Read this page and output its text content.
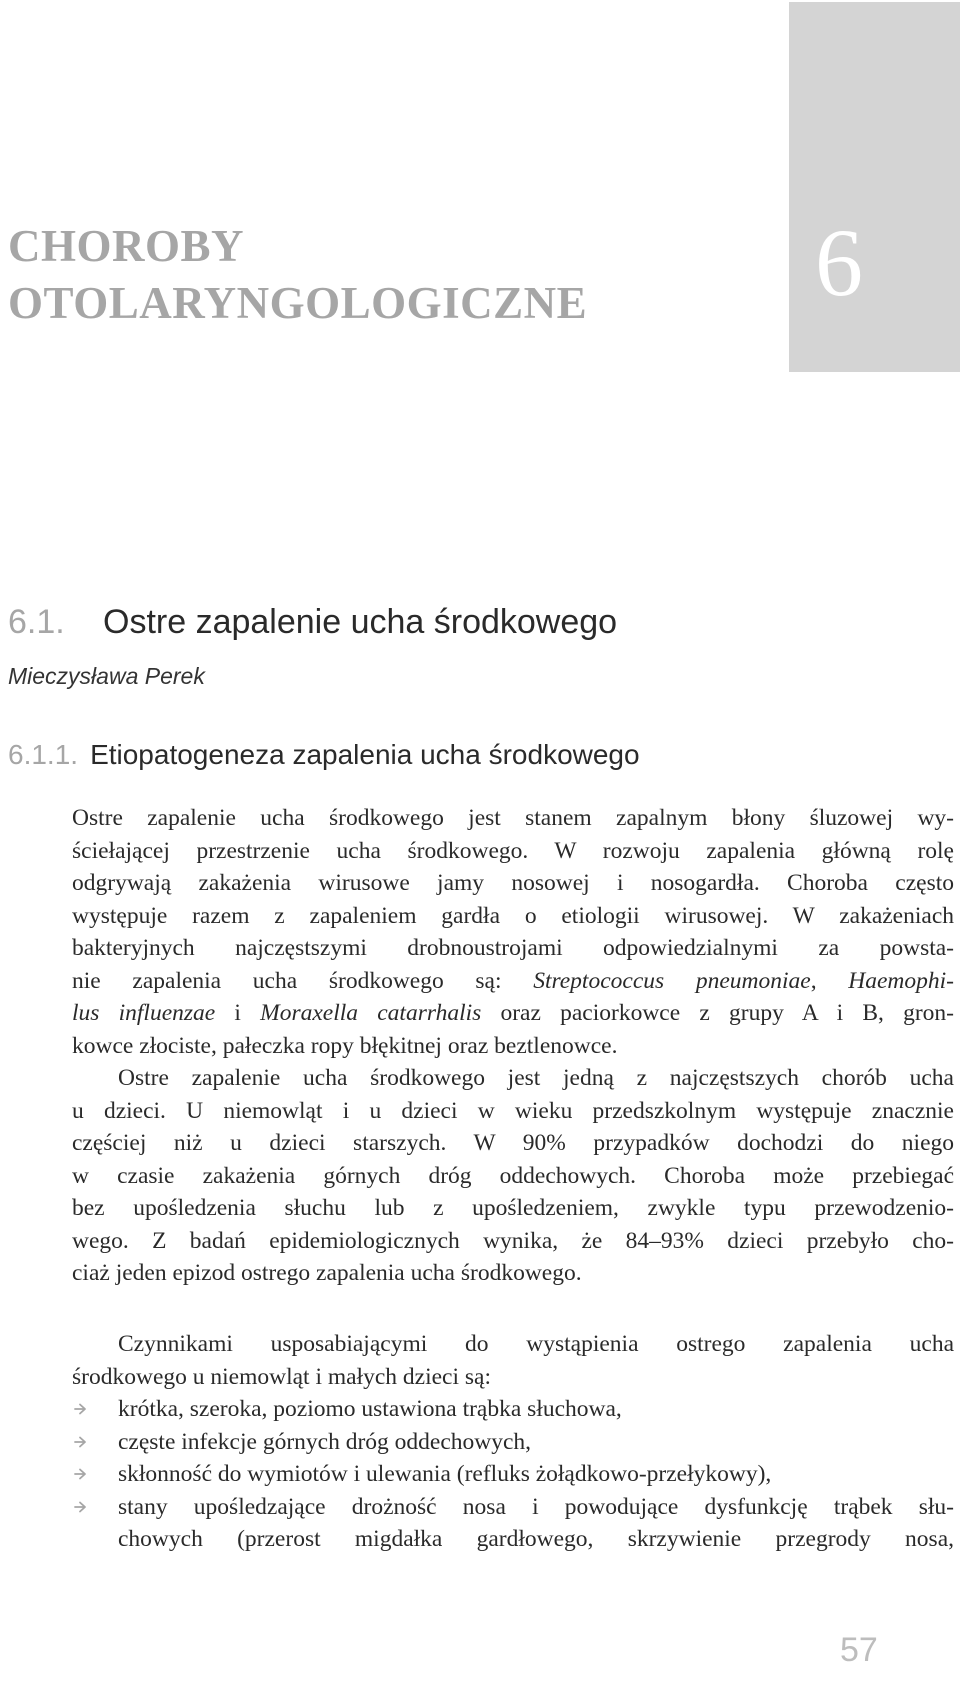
6
CHOROBY
OTOLARYNGOLOGICZNE
6.1. Ostre zapalenie ucha środkowego
Mieczysława Perek
6.1.1. Etiopatogeneza zapalenia ucha środkowego
Ostre zapalenie ucha środkowego jest stanem zapalnym błony śluzowej wy-
ściełającej przestrzenie ucha środkowego. W rozwoju zapalenia główną rolę
odgrywają zakażenia wirusowe jamy nosowej i nosogardła. Choroba często
występuje razem z zapaleniem gardła o etiologii wirusowej. W zakażeniach
bakteryjnych najczęstszymi drobnoustrojami odpowiedzialnymi za powsta-
nie zapalenia ucha środkowego są: Streptococcus pneumoniae, Haemophi-
lus influenzae i Moraxella catarrhalis oraz paciorkowce z grupy A i B, gron-
kowce złociste, pałeczka ropy błękitnej oraz beztlenowce.
Ostre zapalenie ucha środkowego jest jedną z najczęstszych chorób ucha
u dzieci. U niemowląt i u dzieci w wieku przedszkolnym występuje znacznie
częściej niż u dzieci starszych. W 90% przypadków dochodzi do niego
w czasie zakażenia górnych dróg oddechowych. Choroba może przebiegać
bez upośledzenia słuchu lub z upośledzeniem, zwykle typu przewodzenio-
wego. Z badań epidemiologicznych wynika, że 84–93% dzieci przebyło cho-
ciaż jeden epizod ostrego zapalenia ucha środkowego.
Czynnikami usposabiającymi do wystąpienia ostrego zapalenia ucha
środkowego u niemowląt i małych dzieci są:
krótka, szeroka, poziomo ustawiona trąbka słuchowa,
częste infekcje górnych dróg oddechowych,
skłonność do wymiotów i ulewania (refluks żołądkowo-przełykowy),
stany upośledzające drożność nosa i powodujące dysfunkcję trąbek słu-
chowych (przerost migdałka gardłowego, skrzywienie przegrody nosa,
57
